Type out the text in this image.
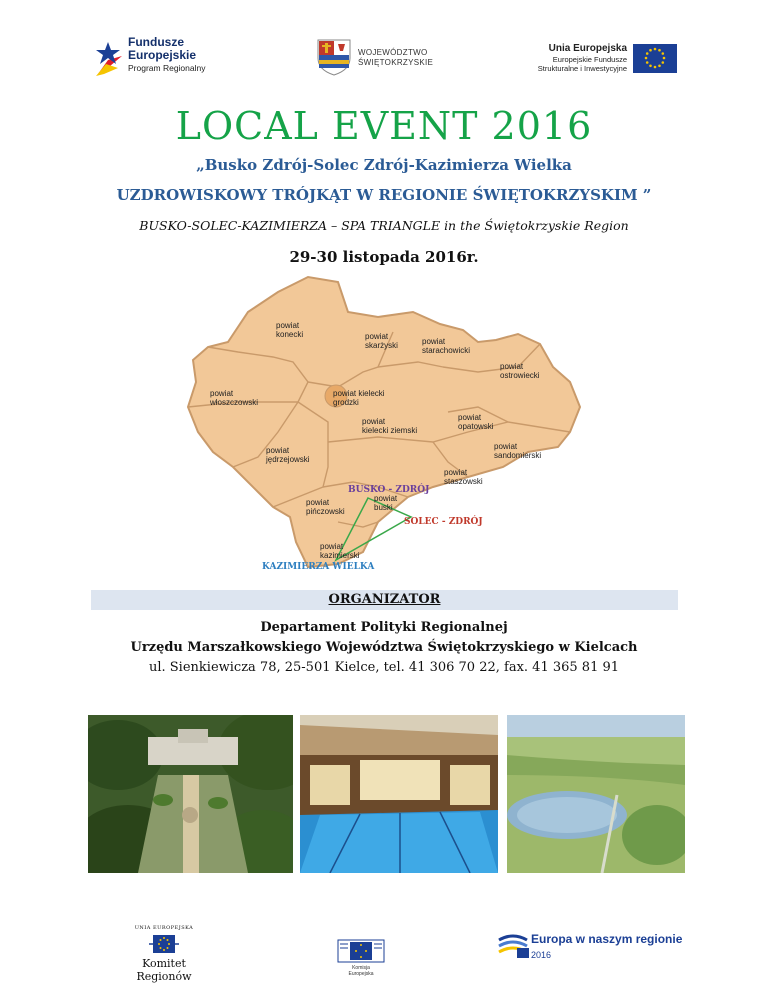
Fundusze
Europejskie
Program Regionalny
WOJEWÓDZTWO
ŚWIĘTOKRZYSKIE
Unia Europejska
Europejskie Fundusze
Strukturalne i Inwestycyjne
LOCAL EVENT 2016
„Busko Zdrój-Solec Zdrój-Kazimierza Wielka
UZDROWISKOWY TRÓJKĄT W REGIONIE ŚWIĘTOKRZYSKIM ”
BUSKO-SOLEC-KAZIMIERZA – SPA TRIANGLE in the Świętokrzyskie Region
29-30 listopada 2016r.
powiat
konecki	powiat
skarżyski	powiat
starachowicki
powiat
ostrowiecki
powiat
włoszczowski
powiat kielecki
grodzki
powiat
kielecki ziemski
powiat
opatowski
powiat
sandomierski
powiat
jędrzejowski
powiat
staszowski
powiat
pińczowski
powiat
buski
powiat
kazimierski
BUSKO - ZDRÓJ
SOLEC - ZDRÓJ
KAZIMIERZA WIELKA
ORGANIZATOR
Departament Polityki Regionalnej
Urzędu Marszałkowskiego Województwa Świętokrzyskiego w Kielcach
ul. Sienkiewicza 78, 25-501 Kielce, tel. 41 306 70 22, fax. 41 365 81 91
UNIA EUROPEJSKA
Komitet Regionów
Komisja
Europejska
Europa w naszym regionie
2016
